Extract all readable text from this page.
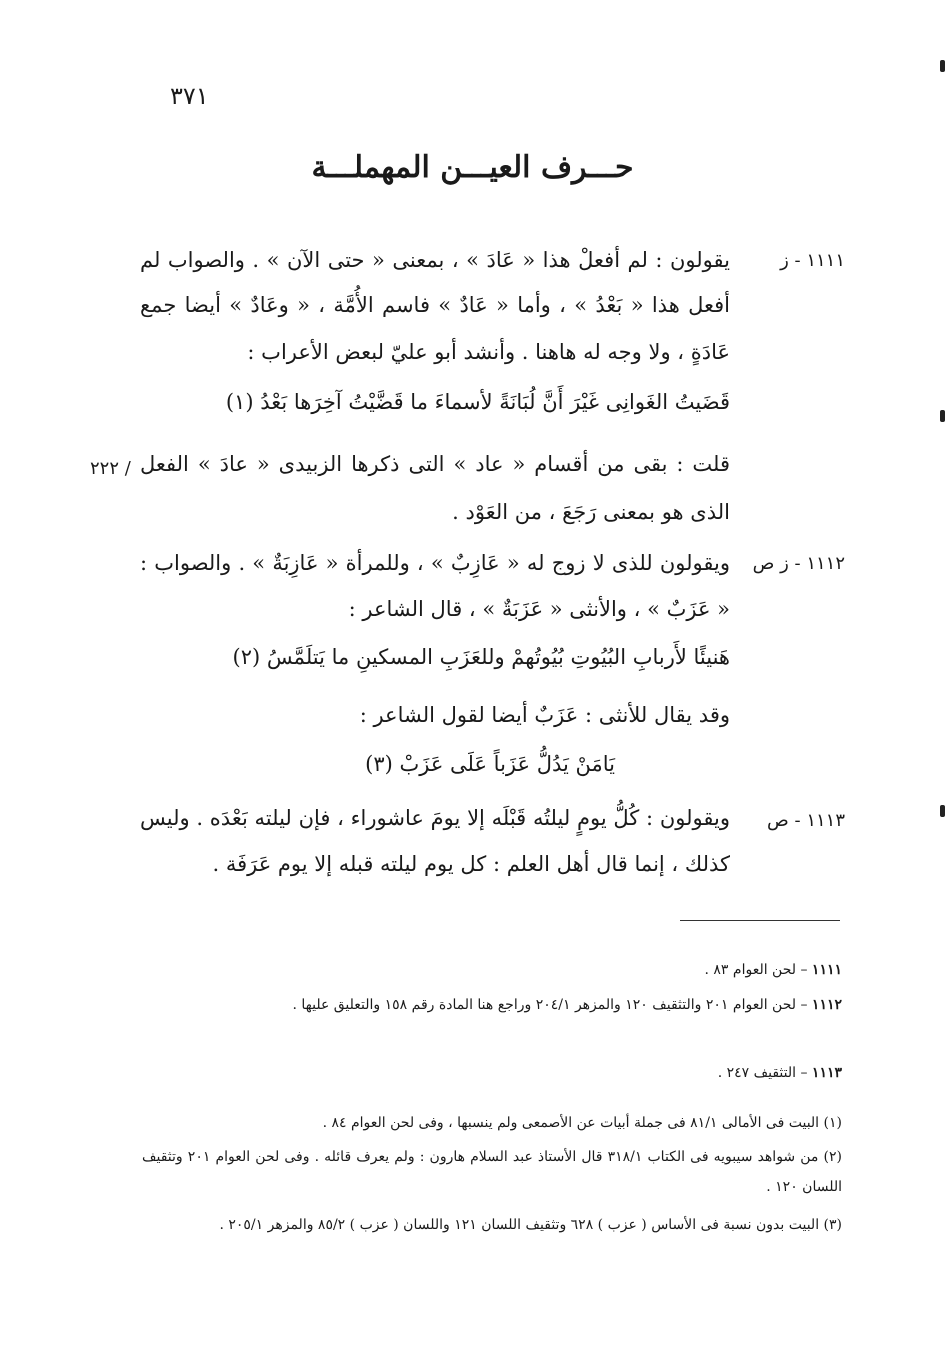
٣٧١
حـــرف العيـــن المهملـــة
١١١١ - ز
يقولون : لم أفعلْ هذا « عَادَ » ، بمعنى « حتى الآن » . والصواب لم
أفعل هذا « بَعْدُ » ، وأما « عَادٌ » فاسم الأُمَّة ، « وعَادٌ » أيضا جمع
عَادَةٍ ، ولا وجه له هاهنا . وأنشد أبو عليّ لبعض الأعراب :
قَضَيتُ الغَوانِى غَيْرَ أَنَّ لُبَانَةً لأسماءَ ما قَضَّيْتُ آخِرَها بَعْدُ (١)
٢٢٢ / قلت : بقى من أقسام « عاد » التى ذكرها الزبيدى « عادَ » الفعل
الذى هو بمعنى رَجَعَ ، من العَوْد .
١١١٢ - ز ص
ويقولون للذى لا زوج له « عَازِبٌ » ، وللمرأة « عَازِبَةٌ » . والصواب :
« عَزَبٌ » ، والأنثى « عَزَبَةٌ » ، قال الشاعر :
هَنيئًا لأَربابِ البُيُوتِ بُيُوتُهمْ وللعَزَبِ المسكينِ ما يَتلَمَّسُ (٢)
وقد يقال للأنثى : عَزَبٌ أيضا لقول الشاعر :
يَامَنْ يَدُلُّ عَزَباً عَلَى عَزَبْ (٣)
١١١٣ - ص
ويقولون : كُلُّ يومٍ ليلتُه قَبْلَه إلا يومَ عاشوراء ، فإن ليلته بَعْدَه . وليس
كذلك ، إنما قال أهل العلم : كل يوم ليلته قبله إلا يوم عَرَفَة .
١١١١ – لحن العوام ٨٣ .
١١١٢ – لحن العوام ٢٠١ والتثقيف ١٢٠ والمزهر ٢٠٤/١ وراجع هنا المادة رقم ١٥٨ والتعليق عليها .
١١١٣ – التثقيف ٢٤٧ .
(١) البيت فى الأمالى ٨١/١ فى جملة أبيات عن الأصمعى ولم ينسبها ، وفى لحن العوام ٨٤ .
(٢) من شواهد سيبويه فى الكتاب ٣١٨/١ قال الأستاذ عبد السلام هارون : ولم يعرف قائله . وفى لحن العوام ٢٠١ وتثقيف اللسان ١٢٠ .
(٣) البيت بدون نسبة فى الأساس ( عزب ) ٦٢٨ وتثقيف اللسان ١٢١ واللسان ( عزب ) ٨٥/٢ والمزهر ٢٠٥/١ .
